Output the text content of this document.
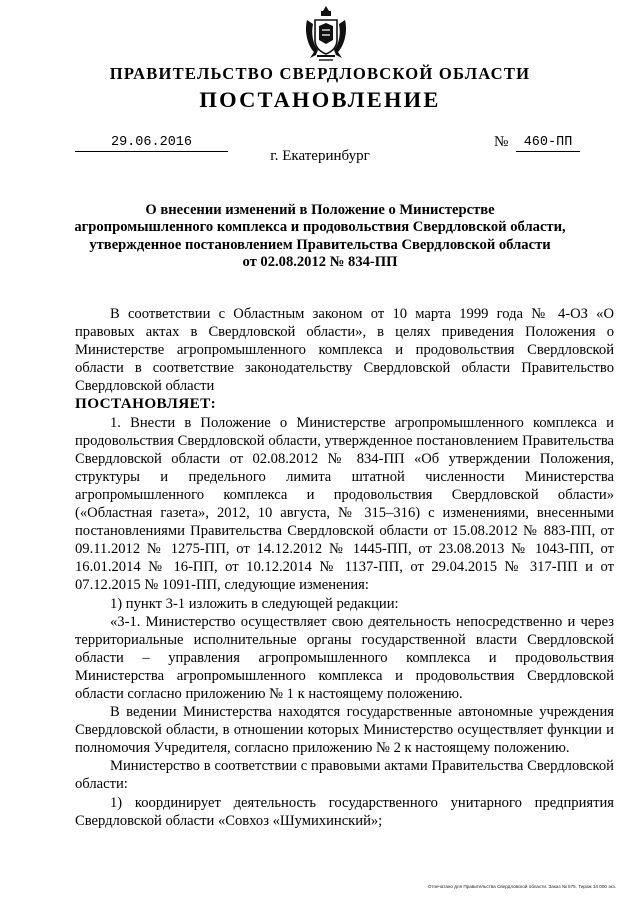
ПРАВИТЕЛЬСТВО СВЕРДЛОВСКОЙ ОБЛАСТИ
ПОСТАНОВЛЕНИЕ
29.06.2016	№	460-ПП
г. Екатеринбург
О внесении изменений в Положение о Министерстве
агропромышленного комплекса и продовольствия Свердловской области,
утвержденное постановлением Правительства Свердловской области
от 02.08.2012 № 834-ПП

В соответствии с Областным законом от 10 марта 1999 года № 4-ОЗ «О правовых актах в Свердловской области», в целях приведения Положения о Министерстве агропромышленного комплекса и продовольствия Свердловской области в соответствие законодательству Свердловской области Правительство Свердловской области

ПОСТАНОВЛЯЕТ:

1. Внести в Положение о Министерстве агропромышленного комплекса и продовольствия Свердловской области, утвержденное постановлением Правительства Свердловской области от 02.08.2012 № 834-ПП «Об утверждении Положения, структуры и предельного лимита штатной численности Министерства агропромышленного комплекса и продовольствия Свердловской области» («Областная газета», 2012, 10 августа, № 315–316) с изменениями, внесенными постановлениями Правительства Свердловской области от 15.08.2012 № 883-ПП, от 09.11.2012 № 1275-ПП, от 14.12.2012 № 1445-ПП, от 23.08.2013 № 1043-ПП, от 16.01.2014 № 16-ПП, от 10.12.2014 № 1137-ПП, от 29.04.2015 № 317-ПП и от 07.12.2015 № 1091-ПП, следующие изменения:

1) пункт 3-1 изложить в следующей редакции:

«3-1. Министерство осуществляет свою деятельность непосредственно и через территориальные исполнительные органы государственной власти Свердловской области – управления агропромышленного комплекса и продовольствия Министерства агропромышленного комплекса и продовольствия Свердловской области согласно приложению № 1 к настоящему положению.

В ведении Министерства находятся государственные автономные учреждения Свердловской области, в отношении которых Министерство осуществляет функции и полномочия Учредителя, согласно приложению № 2 к настоящему положению.

Министерство в соответствии с правовыми актами Правительства Свердловской области:

1) координирует деятельность государственного унитарного предприятия Свердловской области «Совхоз «Шумихинский»;

Отпечатано для Правительства Свердловской области. Заказ № 575. Тираж 14 000 экз.
